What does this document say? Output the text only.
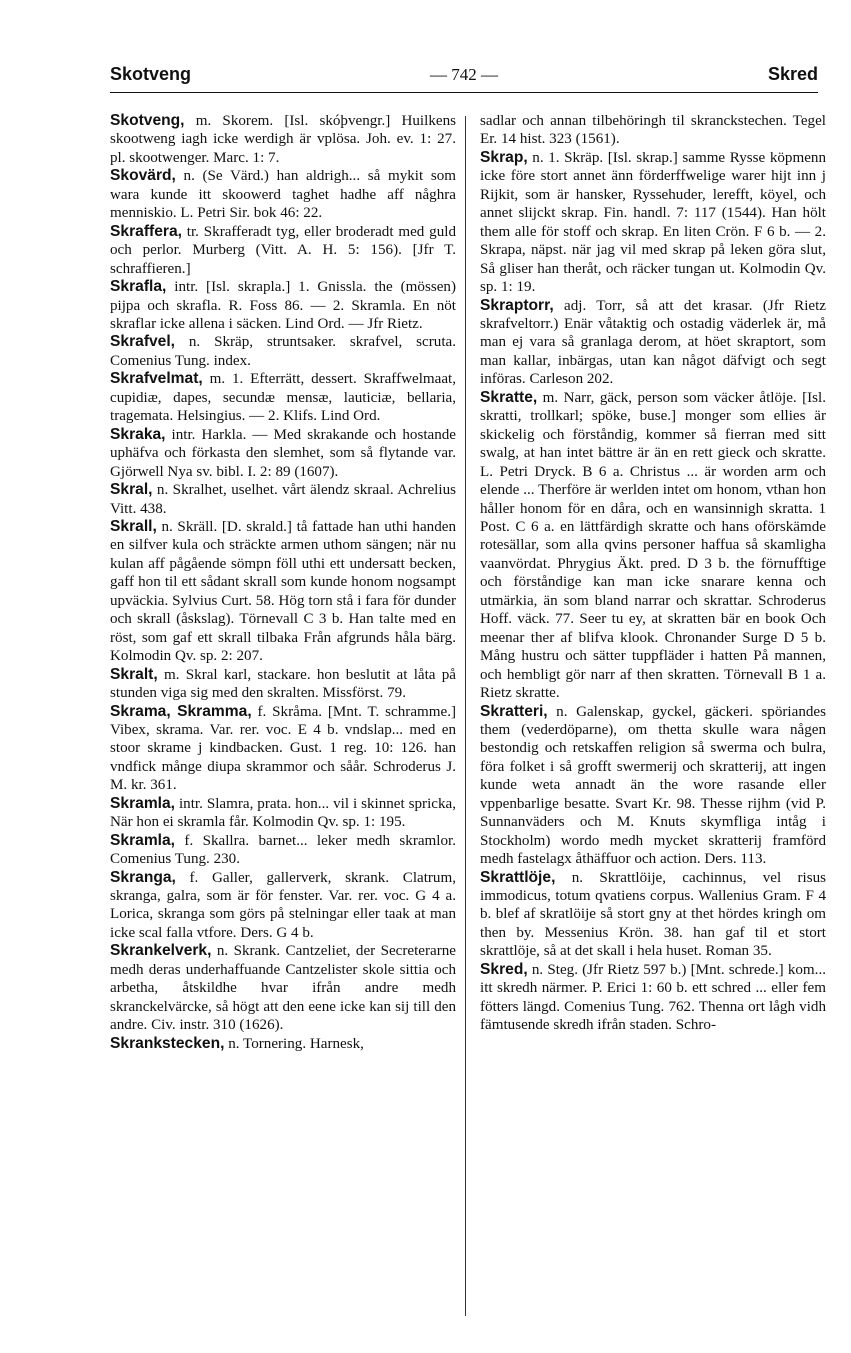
Skotveng	— 742 —	Skred

Skotveng, m. Skorem. [Isl. skóþvengr.] Huilkens skootweng iagh icke werdigh är vplösa. Joh. ev. 1: 27. pl. skootwenger. Marc. 1: 7.

Skovärd, n. (Se Värd.) han aldrigh... så mykit som wara kunde itt skoowerd taghet hadhe aff någhra menniskio. L. Petri Sir. bok 46: 22.

Skraffera, tr. Skrafferadt tyg, eller broderadt med guld och perlor. Murberg (Vitt. A. H. 5: 156). [Jfr T. schraffieren.]

Skrafla, intr. [Isl. skrapla.] 1. Gnissla. the (mössen) pijpa och skrafla. R. Foss 86. — 2. Skramla. En nöt skraflar icke allena i säcken. Lind Ord. — Jfr Rietz.

Skrafvel, n. Skräp, struntsaker. skrafvel, scruta. Comenius Tung. index.

Skrafvelmat, m. 1. Efterrätt, dessert. Skraffwelmaat, cupidiæ, dapes, secundæ mensæ, lauticiæ, bellaria, tragemata. Helsingius. — 2. Klifs. Lind Ord.

Skraka, intr. Harkla. — Med skrakande och hostande uphäfva och förkasta den slemhet, som så flytande var. Gjörwell Nya sv. bibl. I. 2: 89 (1607).

Skral, n. Skralhet, uselhet. vårt älendz skraal. Achrelius Vitt. 438.

Skrall, n. Skräll. [D. skrald.] tå fattade han uthi handen en silfver kula och sträckte armen uthom sängen; när nu kulan aff pågående sömpn föll uthi ett undersatt becken, gaff hon til ett sådant skrall som kunde honom nogsampt upväckia. Sylvius Curt. 58. Hög torn stå i fara för dunder och skrall (åskslag). Törnevall C 3 b. Han talte med en röst, som gaf ett skrall tilbaka Från afgrunds håla bärg. Kolmodin Qv. sp. 2: 207.

Skralt, m. Skral karl, stackare. hon beslutit at låta på stunden viga sig med den skralten. Missförst. 79.

Skrama, Skramma, f. Skråma. [Mnt. T. schramme.] Vibex, skrama. Var. rer. voc. E 4 b. vndslap... med en stoor skrame j kindbacken. Gust. 1 reg. 10: 126. han vndfick månge diupa skrammor och såår. Schroderus J. M. kr. 361.

Skramla, intr. Slamra, prata. hon... vil i skinnet spricka, När hon ei skramla får. Kolmodin Qv. sp. 1: 195.

Skramla, f. Skallra. barnet... leker medh skramlor. Comenius Tung. 230.

Skranga, f. Galler, gallerverk, skrank. Clatrum, skranga, galra, som är för fenster. Var. rer. voc. G 4 a. Lorica, skranga som görs på stelningar eller taak at man icke scal falla vtfore. Ders. G 4 b.

Skrankelverk, n. Skrank. Cantzeliet, der Secreterarne medh deras underhaffuande Cantzelister skole sittia och arbetha, åtskildhe hvar ifrån andre medh skranckelvärcke, så högt att den eene icke kan sij till den andre. Civ. instr. 310 (1626).

Skrankstecken, n. Tornering. Harnesk,

sadlar och annan tilbehöringh til skranckstechen. Tegel Er. 14 hist. 323 (1561).

Skrap, n. 1. Skräp. [Isl. skrap.] samme Rysse köpmenn icke före stort annet änn förderffwelige warer hijt inn j Rijkit, som är hansker, Ryssehuder, lerefft, köyel, och annet slijckt skrap. Fin. handl. 7: 117 (1544). Han hölt them alle för stoff och skrap. En liten Crön. F 6 b. — 2. Skrapa, näpst. när jag vil med skrap på leken göra slut, Så gliser han theråt, och räcker tungan ut. Kolmodin Qv. sp. 1: 19.

Skraptorr, adj. Torr, så att det krasar. (Jfr Rietz skrafveltorr.) Enär våtaktig och ostadig väderlek är, må man ej vara så granlaga derom, at höet skraptort, som man kallar, inbärgas, utan kan något däfvigt och segt införas. Carleson 202.

Skratte, m. Narr, gäck, person som väcker åtlöje. [Isl. skratti, trollkarl; spöke, buse.] monger som ellies är skickelig och förståndig, kommer så fierran med sitt swalg, at han intet bättre är än en rett gieck och skratte. L. Petri Dryck. B 6 a. Christus ... är worden arm och elende ... Therföre är werlden intet om honom, vthan hon håller honom för en dåra, och en wansinnigh skratta. 1 Post. C 6 a. en lättfärdigh skratte och hans oförskämde rotesällar, som alla qvins personer haffua så skamligha vaanvördat. Phrygius Äkt. pred. D 3 b. the förnufftige och förståndige kan man icke snarare kenna och utmärkia, än som bland narrar och skrattar. Schroderus Hoff. väck. 77. Seer tu ey, at skratten bär en book Och meenar ther af blifva klook. Chronander Surge D 5 b. Mång hustru och sätter tuppfläder i hatten På mannen, och hembligt gör narr af then skratten. Törnevall B 1 a. Rietz skratte.

Skratteri, n. Galenskap, gyckel, gäckeri. spöriandes them (vederdöparne), om thetta skulle wara någen bestondig och retskaffen religion så swerma och bulra, föra folket i så grofft swermerij och skratterij, att ingen kunde weta annadt än the wore rasande eller vppenbarlige besatte. Svart Kr. 98. Thesse rijhm (vid P. Sunnanväders och M. Knuts skymfliga intåg i Stockholm) wordo medh mycket skratterij framförd medh fastelagx åthäffuor och action. Ders. 113.

Skrattlöje, n. Skrattlöije, cachinnus, vel risus immodicus, totum qvatiens corpus. Wallenius Gram. F 4 b. blef af skratlöije så stort gny at thet hördes kringh om then by. Messenius Krön. 38. han gaf til et stort skrattlöje, så at det skall i hela huset. Roman 35.

Skred, n. Steg. (Jfr Rietz 597 b.) [Mnt. schrede.] kom... itt skredh närmer. P. Erici 1: 60 b. ett schred ... eller fem fötters längd. Comenius Tung. 762. Thenna ort lågh vidh fämtusende skredh ifrån staden. Schro-
